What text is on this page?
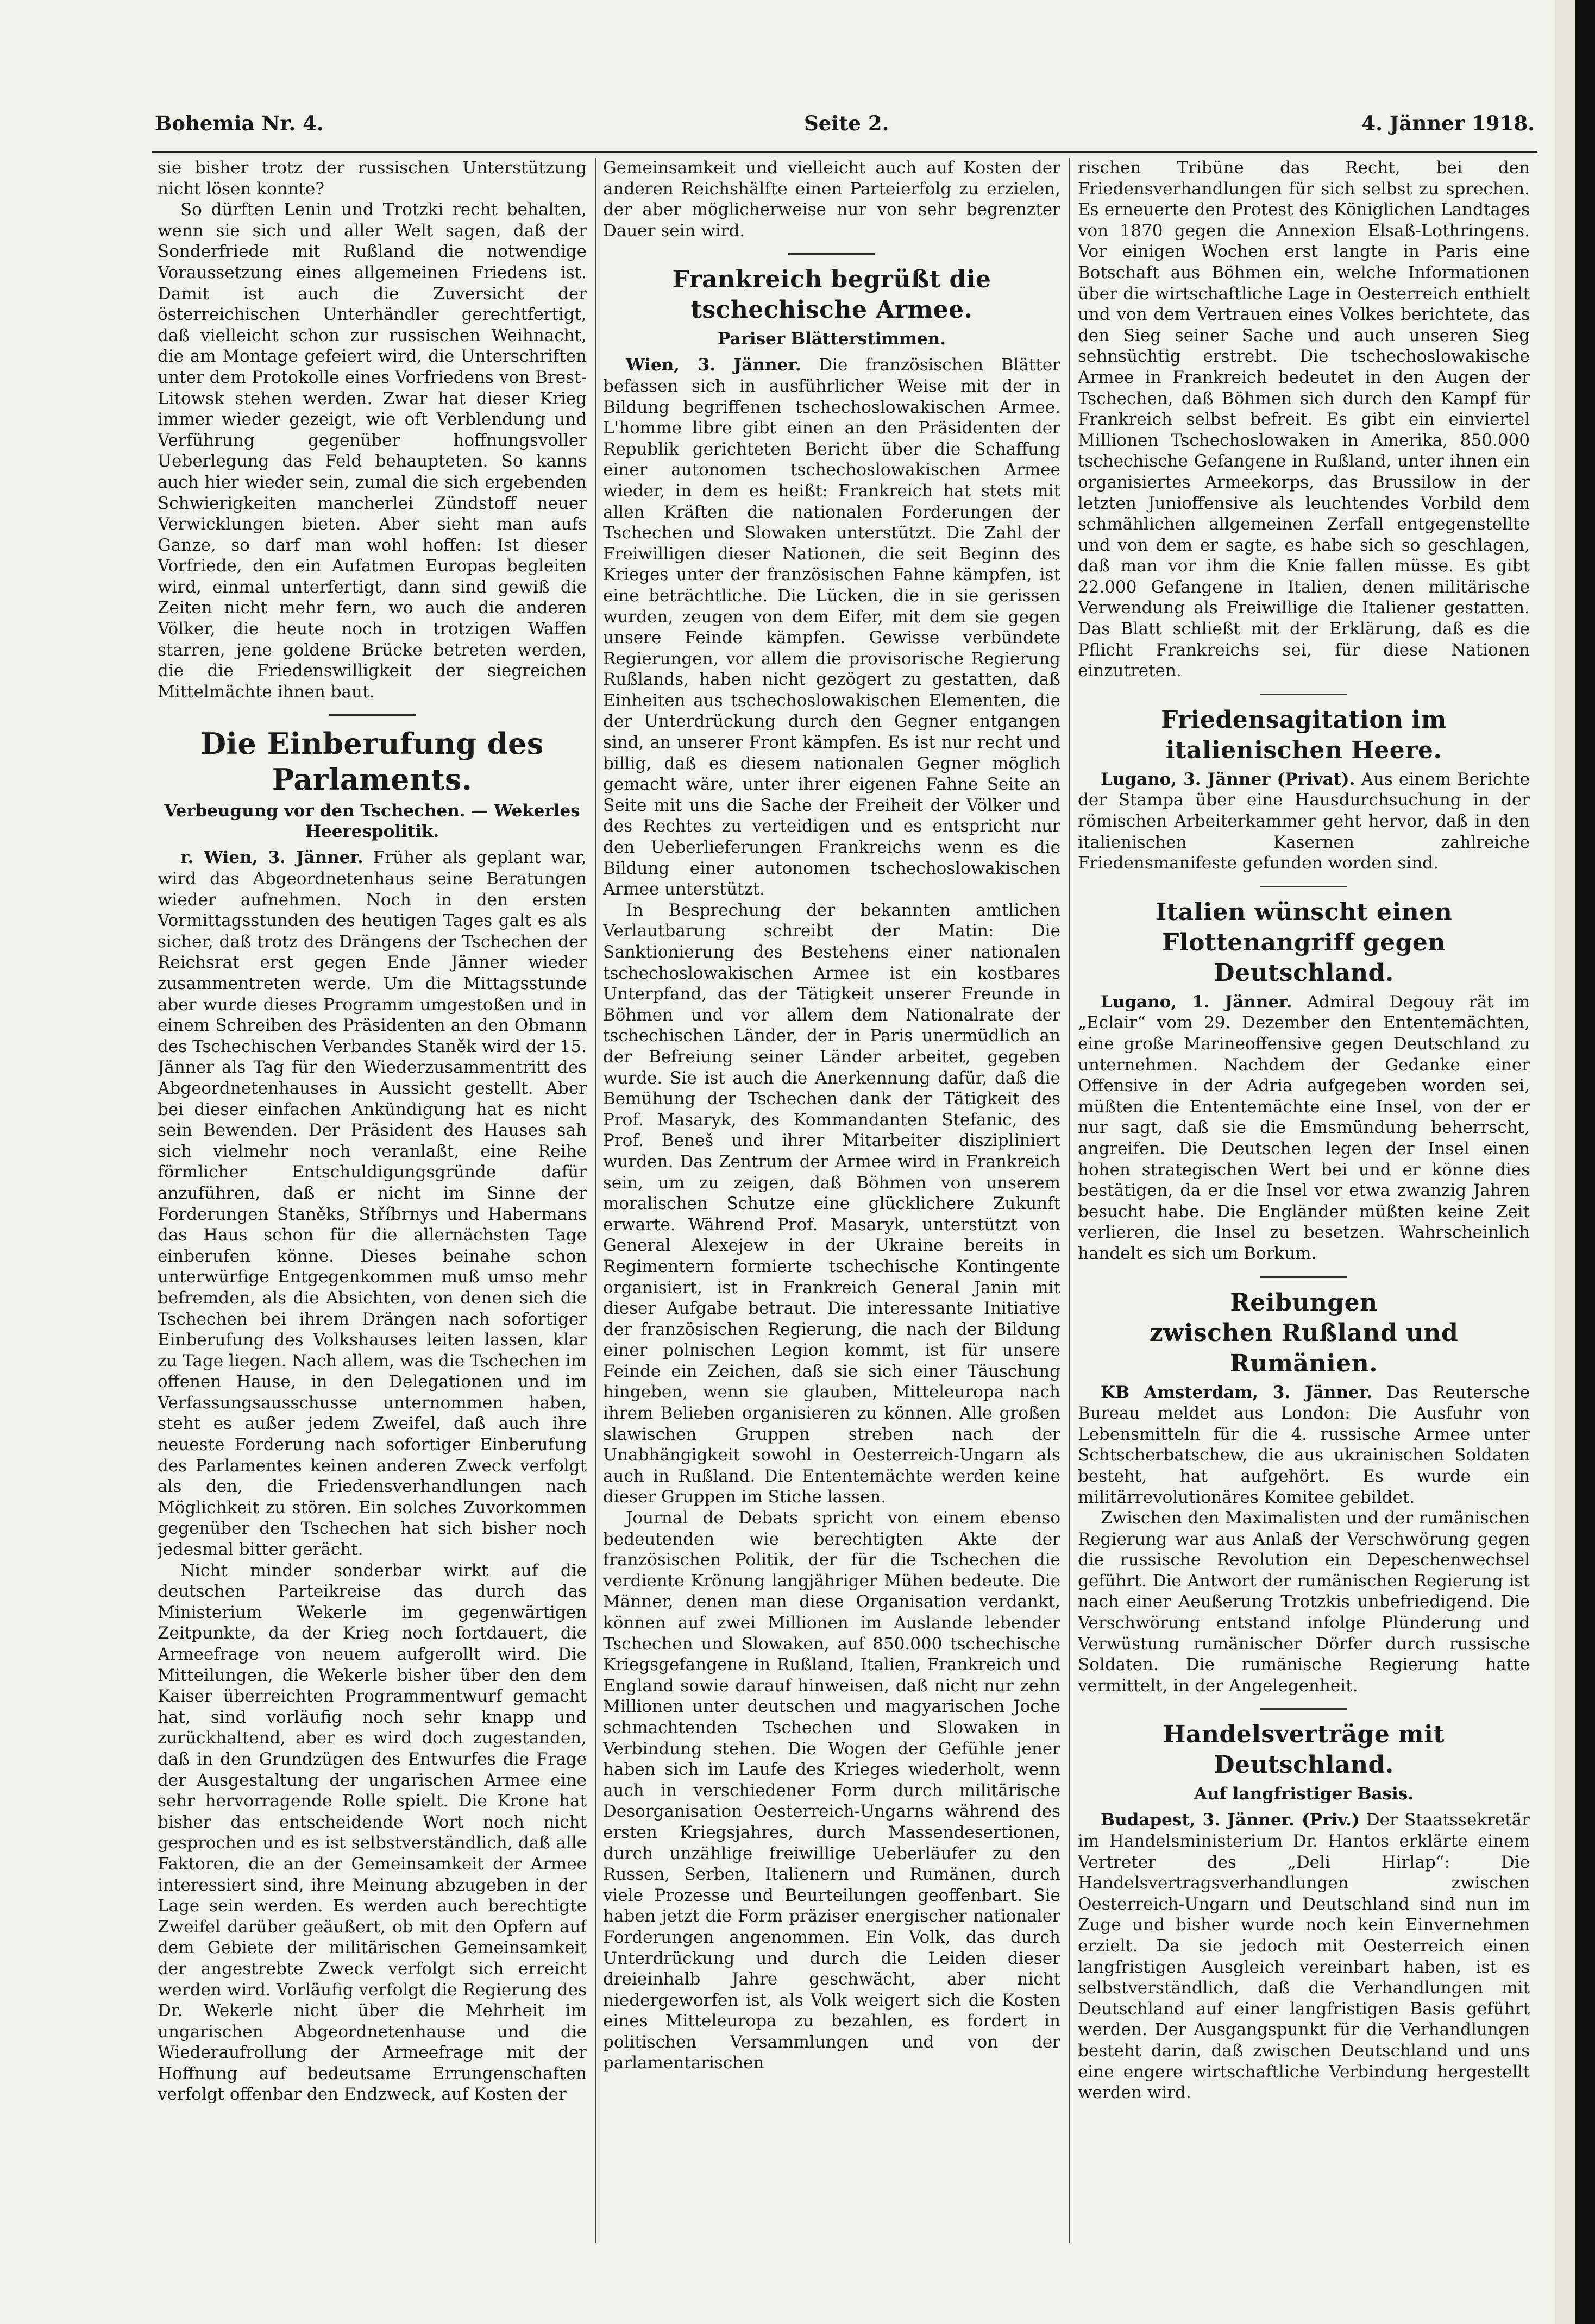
Bohemia Nr. 4.	Seite 2.	4. Jänner 1918.

sie bisher trotz der russischen Unterstützung nicht lösen konnte?

So dürften Lenin und Trotzki recht behalten, wenn sie sich und aller Welt sagen, daß der Sonderfriede mit Rußland die notwendige Voraussetzung eines allgemeinen Friedens ist. Damit ist auch die Zuversicht der österreichischen Unterhändler gerechtfertigt, daß vielleicht schon zur russischen Weihnacht, die am Montage gefeiert wird, die Unterschriften unter dem Protokolle eines Vorfriedens von Brest-Litowsk stehen werden. Zwar hat dieser Krieg immer wieder gezeigt, wie oft Verblendung und Verführung gegenüber hoffnungsvoller Ueberlegung das Feld behaupteten. So kanns auch hier wieder sein, zumal die sich ergebenden Schwierigkeiten mancherlei Zündstoff neuer Verwicklungen bieten. Aber sieht man aufs Ganze, so darf man wohl hoffen: Ist dieser Vorfriede, den ein Aufatmen Europas begleiten wird, einmal unterfertigt, dann sind gewiß die Zeiten nicht mehr fern, wo auch die anderen Völker, die heute noch in trotzigen Waffen starren, jene goldene Brücke betreten werden, die die Friedenswilligkeit der siegreichen Mittelmächte ihnen baut.

Die Einberufung des Parlaments.
Verbeugung vor den Tschechen. — Wekerles Heerespolitik.

r. Wien, 3. Jänner. Früher als geplant war, wird das Abgeordnetenhaus seine Beratungen wieder aufnehmen. Noch in den ersten Vormittagsstunden des heutigen Tages galt es als sicher, daß trotz des Drängens der Tschechen der Reichsrat erst gegen Ende Jänner wieder zusammentreten werde. Um die Mittagsstunde aber wurde dieses Programm umgestoßen und in einem Schreiben des Präsidenten an den Obmann des Tschechischen Verbandes Staněk wird der 15. Jänner als Tag für den Wiederzusammentritt des Abgeordnetenhauses in Aussicht gestellt. Aber bei dieser einfachen Ankündigung hat es nicht sein Bewenden. Der Präsident des Hauses sah sich vielmehr noch veranlaßt, eine Reihe förmlicher Entschuldigungsgründe dafür anzuführen, daß er nicht im Sinne der Forderungen Staněks, Stříbrnys und Habermans das Haus schon für die allernächsten Tage einberufen könne. Dieses beinahe schon unterwürfige Entgegenkommen muß umso mehr befremden, als die Absichten, von denen sich die Tschechen bei ihrem Drängen nach sofortiger Einberufung des Volkshauses leiten lassen, klar zu Tage liegen. Nach allem, was die Tschechen im offenen Hause, in den Delegationen und im Verfassungsausschusse unternommen haben, steht es außer jedem Zweifel, daß auch ihre neueste Forderung nach sofortiger Einberufung des Parlamentes keinen anderen Zweck verfolgt als den, die Friedensverhandlungen nach Möglichkeit zu stören. Ein solches Zuvorkommen gegenüber den Tschechen hat sich bisher noch jedesmal bitter gerächt.

Nicht minder sonderbar wirkt auf die deutschen Parteikreise das durch das Ministerium Wekerle im gegenwärtigen Zeitpunkte, da der Krieg noch fortdauert, die Armeefrage von neuem aufgerollt wird. Die Mitteilungen, die Wekerle bisher über den dem Kaiser überreichten Programmentwurf gemacht hat, sind vorläufig noch sehr knapp und zurückhaltend, aber es wird doch zugestanden, daß in den Grundzügen des Entwurfes die Frage der Ausgestaltung der ungarischen Armee eine sehr hervorragende Rolle spielt. Die Krone hat bisher das entscheidende Wort noch nicht gesprochen und es ist selbstverständlich, daß alle Faktoren, die an der Gemeinsamkeit der Armee interessiert sind, ihre Meinung abzugeben in der Lage sein werden. Es werden auch berechtigte Zweifel darüber geäußert, ob mit den Opfern auf dem Gebiete der militärischen Gemeinsamkeit der angestrebte Zweck verfolgt sich erreicht werden wird. Vorläufig verfolgt die Regierung des Dr. Wekerle nicht über die Mehrheit im ungarischen Abgeordnetenhause und die Wiederaufrollung der Armeefrage mit der Hoffnung auf bedeutsame Errungenschaften verfolgt offenbar den Endzweck, auf Kosten der

Gemeinsamkeit und vielleicht auch auf Kosten der anderen Reichshälfte einen Parteierfolg zu erzielen, der aber möglicherweise nur von sehr begrenzter Dauer sein wird.

Frankreich begrüßt die tschechische Armee.
Pariser Blätterstimmen.

Wien, 3. Jänner. Die französischen Blätter befassen sich in ausführlicher Weise mit der in Bildung begriffenen tschechoslowakischen Armee. L'homme libre gibt einen an den Präsidenten der Republik gerichteten Bericht über die Schaffung einer autonomen tschechoslowakischen Armee wieder, in dem es heißt: Frankreich hat stets mit allen Kräften die nationalen Forderungen der Tschechen und Slowaken unterstützt. Die Zahl der Freiwilligen dieser Nationen, die seit Beginn des Krieges unter der französischen Fahne kämpfen, ist eine beträchtliche. Die Lücken, die in sie gerissen wurden, zeugen von dem Eifer, mit dem sie gegen unsere Feinde kämpfen. Gewisse verbündete Regierungen, vor allem die provisorische Regierung Rußlands, haben nicht gezögert zu gestatten, daß Einheiten aus tschechoslowakischen Elementen, die der Unterdrückung durch den Gegner entgangen sind, an unserer Front kämpfen. Es ist nur recht und billig, daß es diesem nationalen Gegner möglich gemacht wäre, unter ihrer eigenen Fahne Seite an Seite mit uns die Sache der Freiheit der Völker und des Rechtes zu verteidigen und es entspricht nur den Ueberlieferungen Frankreichs wenn es die Bildung einer autonomen tschechoslowakischen Armee unterstützt.

In Besprechung der bekannten amtlichen Verlautbarung schreibt der Matin: Die Sanktionierung des Bestehens einer nationalen tschechoslowakischen Armee ist ein kostbares Unterpfand, das der Tätigkeit unserer Freunde in Böhmen und vor allem dem Nationalrate der tschechischen Länder, der in Paris unermüdlich an der Befreiung seiner Länder arbeitet, gegeben wurde. Sie ist auch die Anerkennung dafür, daß die Bemühung der Tschechen dank der Tätigkeit des Prof. Masaryk, des Kommandanten Stefanic, des Prof. Beneš und ihrer Mitarbeiter diszipliniert wurden. Das Zentrum der Armee wird in Frankreich sein, um zu zeigen, daß Böhmen von unserem moralischen Schutze eine glücklichere Zukunft erwarte. Während Prof. Masaryk, unterstützt von General Alexejew in der Ukraine bereits in Regimentern formierte tschechische Kontingente organisiert, ist in Frankreich General Janin mit dieser Aufgabe betraut. Die interessante Initiative der französischen Regierung, die nach der Bildung einer polnischen Legion kommt, ist für unsere Feinde ein Zeichen, daß sie sich einer Täuschung hingeben, wenn sie glauben, Mitteleuropa nach ihrem Belieben organisieren zu können. Alle großen slawischen Gruppen streben nach der Unabhängigkeit sowohl in Oesterreich-Ungarn als auch in Rußland. Die Ententemächte werden keine dieser Gruppen im Stiche lassen.

Journal de Debats spricht von einem ebenso bedeutenden wie berechtigten Akte der französischen Politik, der für die Tschechen die verdiente Krönung langjähriger Mühen bedeute. Die Männer, denen man diese Organisation verdankt, können auf zwei Millionen im Auslande lebender Tschechen und Slowaken, auf 850.000 tschechische Kriegsgefangene in Rußland, Italien, Frankreich und England sowie darauf hinweisen, daß nicht nur zehn Millionen unter deutschen und magyarischen Joche schmachtenden Tschechen und Slowaken in Verbindung stehen. Die Wogen der Gefühle jener haben sich im Laufe des Krieges wiederholt, wenn auch in verschiedener Form durch militärische Desorganisation Oesterreich-Ungarns während des ersten Kriegsjahres, durch Massendesertionen, durch unzählige freiwillige Ueberläufer zu den Russen, Serben, Italienern und Rumänen, durch viele Prozesse und Beurteilungen geoffenbart. Sie haben jetzt die Form präziser energischer nationaler Forderungen angenommen. Ein Volk, das durch Unterdrückung und durch die Leiden dieser dreieinhalb Jahre geschwächt, aber nicht niedergeworfen ist, als Volk weigert sich die Kosten eines Mitteleuropa zu bezahlen, es fordert in politischen Versammlungen und von der parlamentarischen

rischen Tribüne das Recht, bei den Friedensverhandlungen für sich selbst zu sprechen. Es erneuerte den Protest des Königlichen Landtages von 1870 gegen die Annexion Elsaß-Lothringens. Vor einigen Wochen erst langte in Paris eine Botschaft aus Böhmen ein, welche Informationen über die wirtschaftliche Lage in Oesterreich enthielt und von dem Vertrauen eines Volkes berichtete, das den Sieg seiner Sache und auch unseren Sieg sehnsüchtig erstrebt. Die tschechoslowakische Armee in Frankreich bedeutet in den Augen der Tschechen, daß Böhmen sich durch den Kampf für Frankreich selbst befreit. Es gibt ein einviertel Millionen Tschechoslowaken in Amerika, 850.000 tschechische Gefangene in Rußland, unter ihnen ein organisiertes Armeekorps, das Brussilow in der letzten Junioffensive als leuchtendes Vorbild dem schmählichen allgemeinen Zerfall entgegenstellte und von dem er sagte, es habe sich so geschlagen, daß man vor ihm die Knie fallen müsse. Es gibt 22.000 Gefangene in Italien, denen militärische Verwendung als Freiwillige die Italiener gestatten. Das Blatt schließt mit der Erklärung, daß es die Pflicht Frankreichs sei, für diese Nationen einzutreten.

Friedensagitation im italienischen Heere.

Lugano, 3. Jänner (Privat). Aus einem Berichte der Stampa über eine Hausdurchsuchung in der römischen Arbeiterkammer geht hervor, daß in den italienischen Kasernen zahlreiche Friedensmanifeste gefunden worden sind.

Italien wünscht einen Flottenangriff gegen Deutschland.

Lugano, 1. Jänner. Admiral Degouy rät im „Eclair“ vom 29. Dezember den Ententemächten, eine große Marineoffensive gegen Deutschland zu unternehmen. Nachdem der Gedanke einer Offensive in der Adria aufgegeben worden sei, müßten die Ententemächte eine Insel, von der er nur sagt, daß sie die Emsmündung beherrscht, angreifen. Die Deutschen legen der Insel einen hohen strategischen Wert bei und er könne dies bestätigen, da er die Insel vor etwa zwanzig Jahren besucht habe. Die Engländer müßten keine Zeit verlieren, die Insel zu besetzen. Wahrscheinlich handelt es sich um Borkum.

Reibungen
zwischen Rußland und Rumänien.

KB Amsterdam, 3. Jänner. Das Reutersche Bureau meldet aus London: Die Ausfuhr von Lebensmitteln für die 4. russische Armee unter Schtscherbatschew, die aus ukrainischen Soldaten besteht, hat aufgehört. Es wurde ein militärrevolutionäres Komitee gebildet.

Zwischen den Maximalisten und der rumänischen Regierung war aus Anlaß der Verschwörung gegen die russische Revolution ein Depeschenwechsel geführt. Die Antwort der rumänischen Regierung ist nach einer Aeußerung Trotzkis unbefriedigend. Die Verschwörung entstand infolge Plünderung und Verwüstung rumänischer Dörfer durch russische Soldaten. Die rumänische Regierung hatte vermittelt, in der Angelegenheit.

Handelsverträge mit Deutschland.
Auf langfristiger Basis.

Budapest, 3. Jänner. (Priv.) Der Staatssekretär im Handelsministerium Dr. Hantos erklärte einem Vertreter des „Deli Hirlap“: Die Handelsvertragsverhandlungen zwischen Oesterreich-Ungarn und Deutschland sind nun im Zuge und bisher wurde noch kein Einvernehmen erzielt. Da sie jedoch mit Oesterreich einen langfristigen Ausgleich vereinbart haben, ist es selbstverständlich, daß die Verhandlungen mit Deutschland auf einer langfristigen Basis geführt werden. Der Ausgangspunkt für die Verhandlungen besteht darin, daß zwischen Deutschland und uns eine engere wirtschaftliche Verbindung hergestellt werden wird.
